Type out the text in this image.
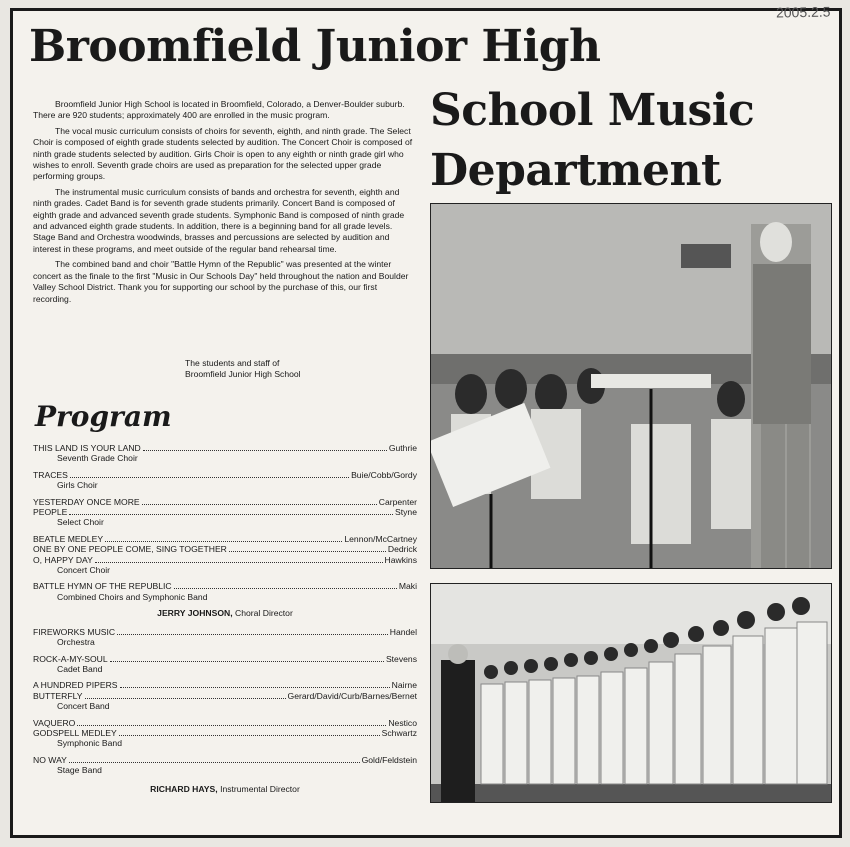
2005.2.5
Broomfield Junior High
School Music
Department

Broomfield Junior High School is located in Broomfield, Colorado, a Denver-Boulder suburb. There are 920 students; approximately 400 are enrolled in the music program.

The vocal music curriculum consists of choirs for seventh, eighth, and ninth grade. The Select Choir is composed of eighth grade students selected by audition. The Concert Choir is composed of ninth grade students selected by audition. Girls Choir is open to any eighth or ninth grade girl who wishes to enroll. Seventh grade choirs are used as preparation for the selected upper grade performing groups.

The instrumental music curriculum consists of bands and orchestra for seventh, eighth and ninth grades. Cadet Band is for seventh grade students primarily. Concert Band is composed of eighth grade and advanced seventh grade students. Symphonic Band is composed of ninth grade and advanced eighth grade students. In addition, there is a beginning band for all grade levels. Stage Band and Orchestra woodwinds, brasses and percussions are selected by audition and interest in these programs, and meet outside of the regular band rehearsal time.

The combined band and choir "Battle Hymn of the Republic" was presented at the winter concert as the finale to the first "Music in Our Schools Day" held throughout the nation and Boulder Valley School District. Thank you for supporting our school by the purchase of this, our first recording.

The students and staff of
Broomfield Junior High School
Program
THIS LAND IS YOUR LAND	Guthrie
Seventh Grade Choir
TRACES	Buie/Cobb/Gordy
Girls Choir
YESTERDAY ONCE MORE	Carpenter
PEOPLE	Styne
Select Choir
BEATLE MEDLEY	Lennon/McCartney
ONE BY ONE PEOPLE COME, SING TOGETHER	Dedrick
O, HAPPY DAY	Hawkins
Concert Choir
BATTLE HYMN OF THE REPUBLIC	Maki
Combined Choirs and Symphonic Band
JERRY JOHNSON, Choral Director
FIREWORKS MUSIC	Handel
Orchestra
ROCK-A-MY-SOUL	Stevens
Cadet Band
A HUNDRED PIPERS	Nairne
BUTTERFLY	Gerard/David/Curb/Barnes/Bernet
Concert Band
VAQUERO	Nestico
GODSPELL MEDLEY	Schwartz
Symphonic Band
NO WAY	Gold/Feldstein
Stage Band
RICHARD HAYS, Instrumental Director
